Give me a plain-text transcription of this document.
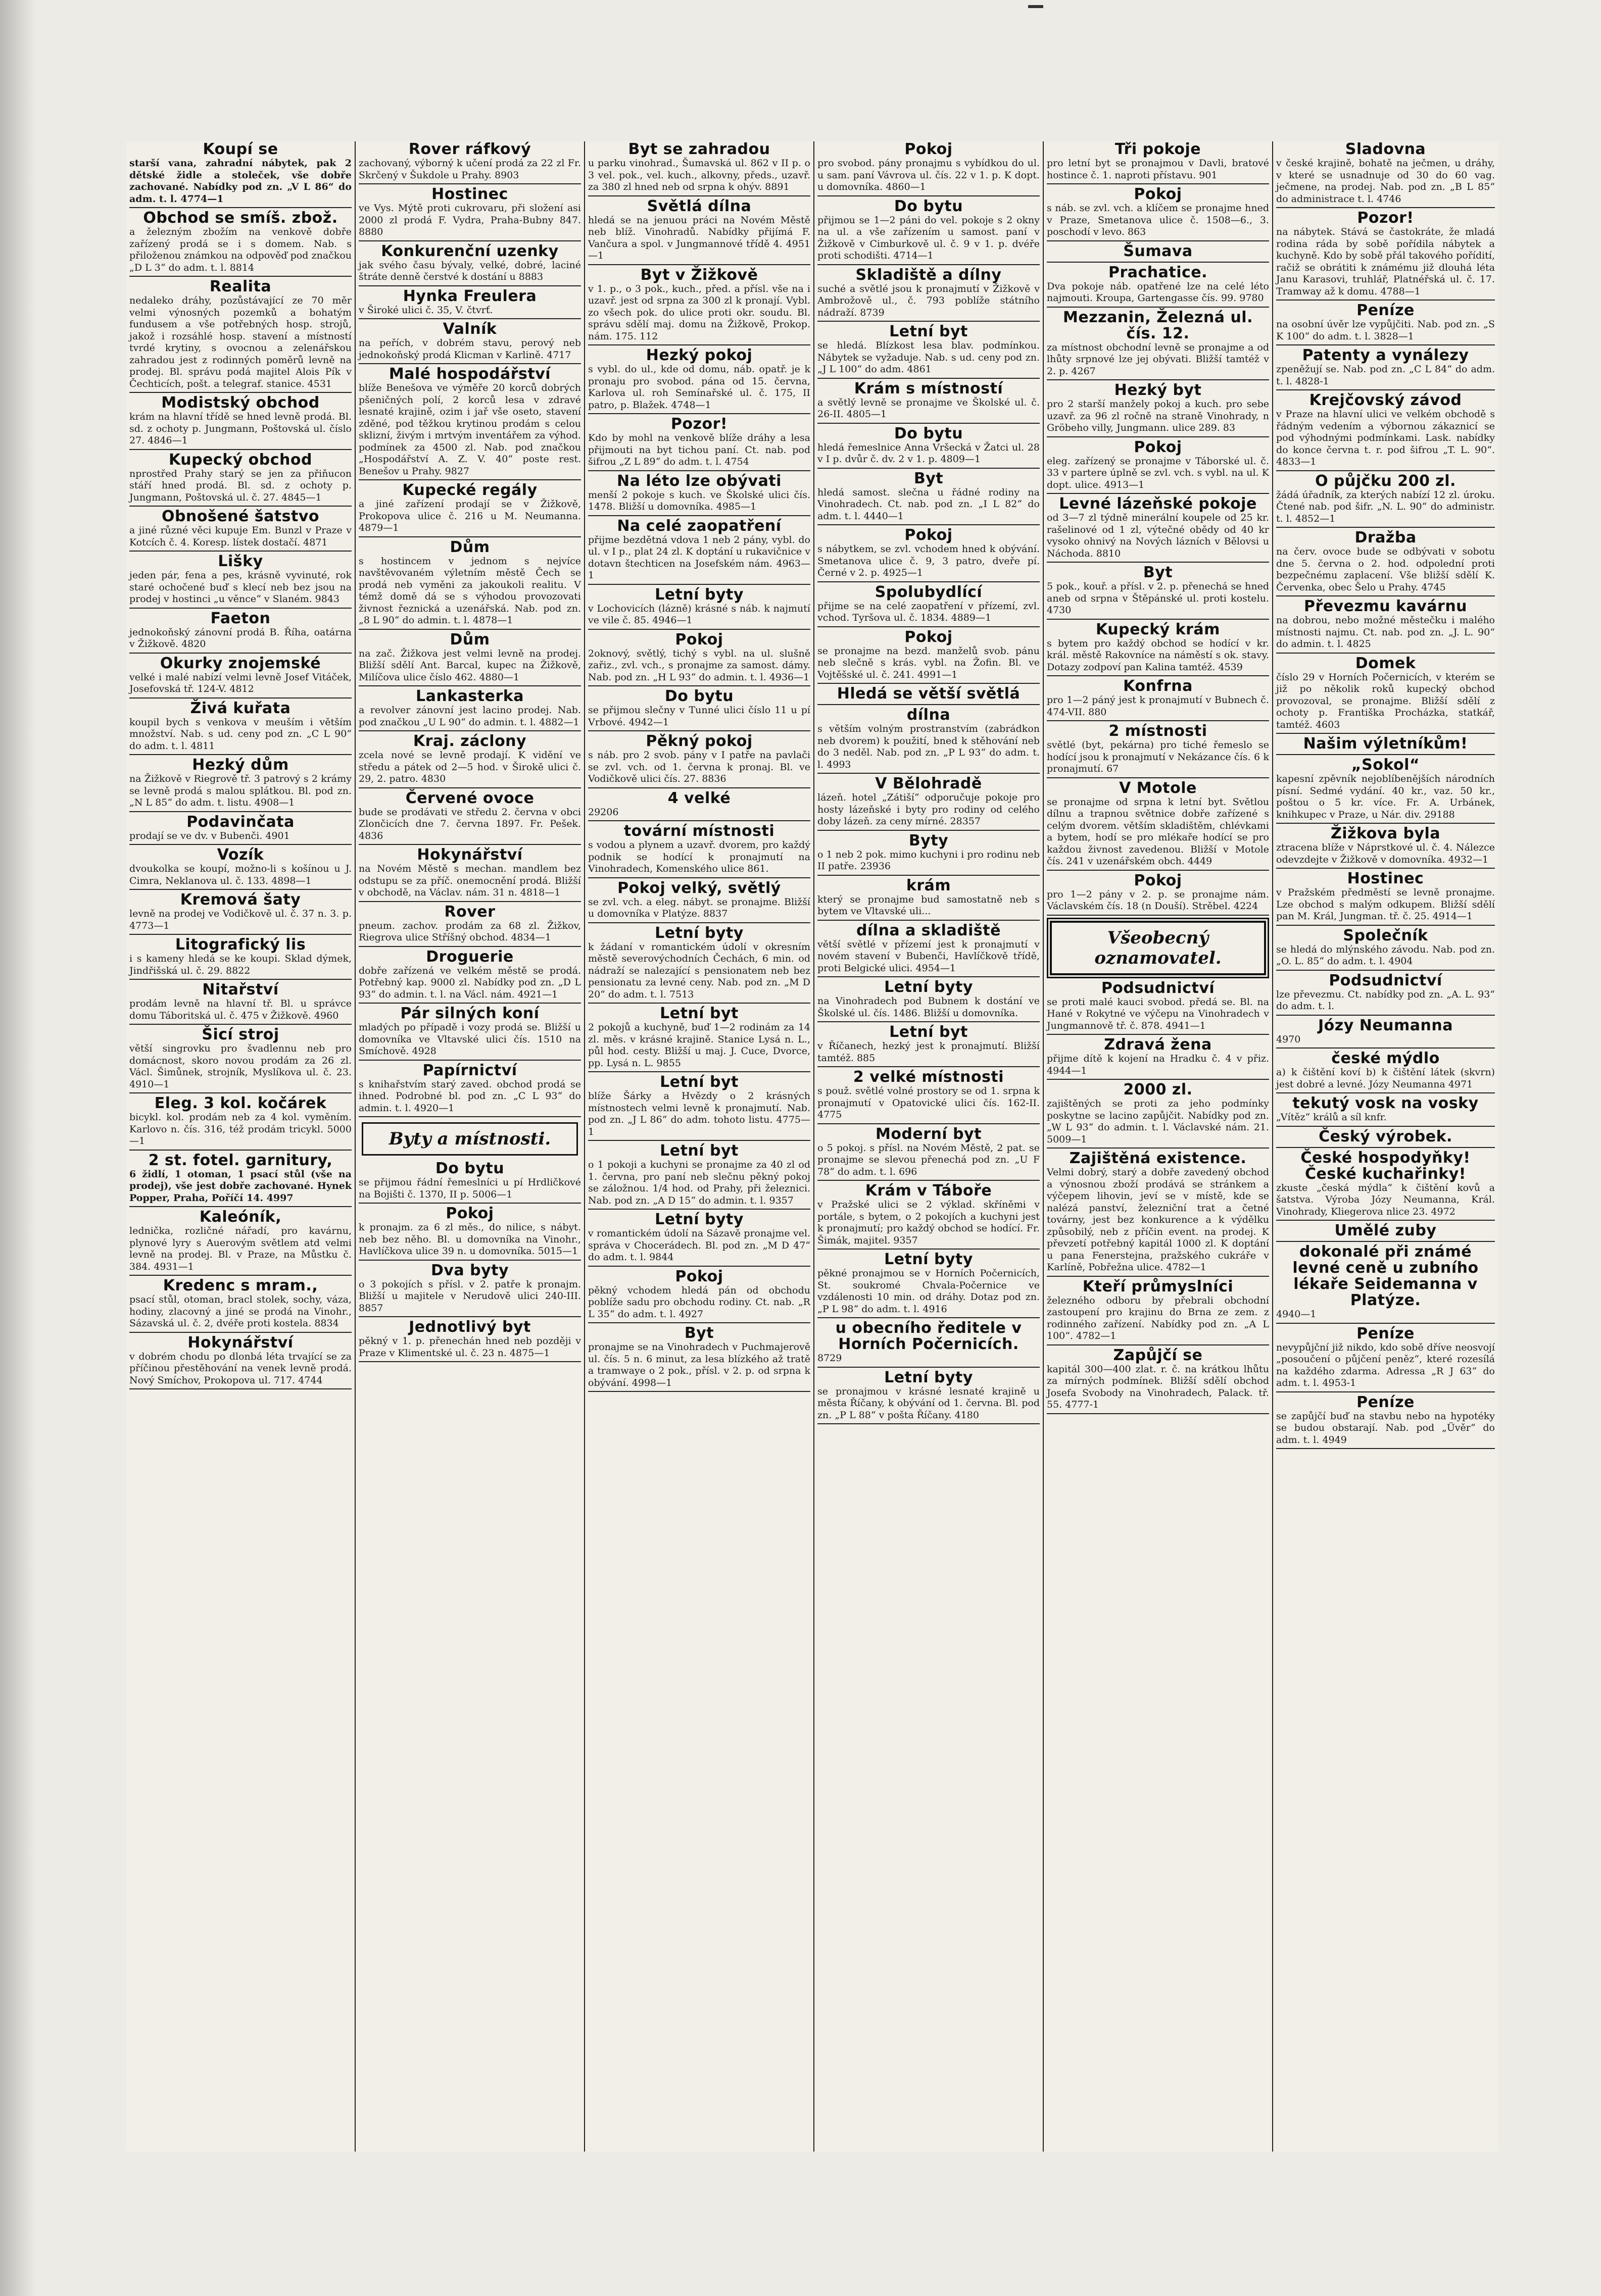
Koupí se
starší vana, zahradní nábytek, pak 2 dětské židle a stoleček, vše dobře zachované. Nabídky pod zn. „V L 86“ do adm. t. l. 4774—1
Obchod se smíš. zbož.
a železným zbožím na venkově dobře zařízený prodá se i s domem. Nab. s přiloženou známkou na odpověď pod značkou „D L 3“ do adm. t. l. 8814
Realita
nedaleko dráhy, pozůstávající ze 70 měr velmi výnosných pozemků a bohatým fundusem a vše potřebných hosp. strojů, jakož i rozsáhlé hosp. stavení a místností tvrdé krytiny, s ovocnou a zelenářskou zahradou jest z rodinných poměrů levně na prodej. Bl. správu podá majitel Alois Pík v Čechticích, pošt. a telegraf. stanice. 4531
Modistský obchod
krám na hlavní třídě se hned levně prodá. Bl. sd. z ochoty p. Jungmann, Poštovská ul. číslo 27. 4846—1
Kupecký obchod
nprostřed Prahy starý se jen za přiňucon stáří hned prodá. Bl. sd. z ochoty p. Jungmann, Poštovská ul. č. 27. 4845—1
Obnošené šatstvo
a jiné různé věci kupuje Em. Bunzl v Praze v Kotcích č. 4. Koresp. lístek dostačí. 4871
Lišky
jeden pár, fena a pes, krásně vyvinuté, rok staré ochočené buď s klecí neb bez jsou na prodej v hostinci „u věnce“ v Slaném. 9843
Faeton
jednokoňský zánovní prodá B. Říha, oatárna v Žižkově. 4820
Okurky znojemské
velké i malé nabízí velmi levně Josef Vitáček, Josefovská tř. 124-V. 4812
Živá kuřata
koupil bych s venkova v meuším i větším množství. Nab. s ud. ceny pod zn. „C L 90“ do adm. t. l. 4811
Hezký dům
na Žižkově v Riegrově tř. 3 patrový s 2 krámy se levně prodá s malou splátkou. Bl. pod zn. „N L 85“ do adm. t. listu. 4908—1
Podavinčata
prodají se ve dv. v Bubenči. 4901
Vozík
dvoukolka se koupí, možno-li s košínou u J. Cimra, Neklanova ul. č. 133. 4898—1
Kremová šaty
levně na prodej ve Vodičkově ul. č. 37 n. 3. p. 4773—1
Litografický lis
i s kameny hledá se ke koupi. Sklad dýmek, Jindřišská ul. č. 29. 8822
Nitařství
prodám levně na hlavní tř. Bl. u správce domu Táboritská ul. č. 475 v Žižkově. 4960
Šicí stroj
větší singrovku pro švadlennu neb pro domácnost, skoro novou prodám za 26 zl. Václ. Šimůnek, strojník, Myslíkova ul. č. 23. 4910—1
Eleg. 3 kol. kočárek
bicykl. kol. prodám neb za 4 kol. vyměním. Karlovo n. čís. 316, též prodám tricykl. 5000—1
2 st. fotel. garnitury,
6 židlí, 1 otoman, 1 psací stůl (vše na prodej), vše jest dobře zachované. Hynek Popper, Praha, Poříčí 14. 4997
Kaleóník,
lednička, rozličné nářadí, pro kavárnu, plynové lyry s Auerovým světlem atd velmi levně na prodej. Bl. v Praze, na Můstku č. 384. 4931—1
Kredenc s mram.,
psací stůl, otoman, bracl stolek, sochy, váza, hodiny, zlacovný a jiné se prodá na Vinohr., Sázavská ul. č. 2, dvéře proti kostela. 8834
Hokynářství
v dobrém chodu po dlonbá léta trvající se za příčinou přestěhování na venek levně prodá. Nový Smíchov, Prokopova ul. 717. 4744
Rover ráfkový
zachovaný, výborný k učení prodá za 22 zl Fr. Skrčený v Šukdole u Prahy. 8903
Hostinec
ve Vys. Mýtě proti cukrovaru, při složení asi 2000 zl prodá F. Vydra, Praha-Bubny 847. 8880
Konkurenční uzenky
jak svého času bývaly, velké, dobré, laciné štráte denně čerstvé k dostání u 8883
Hynka Freulera
v Široké ulici č. 35, V. čtvrť.
Valník
na peřích, v dobrém stavu, perový neb jednokoňský prodá Klicman v Karlině. 4717
Malé hospodářství
blíže Benešova ve výměře 20 korců dobrých pšeničných polí, 2 korců lesa v zdravé lesnaté krajině, ozim i jař vše oseto, stavení zděné, pod těžkou krytinou prodám s celou sklizní, živým i mrtvým inventářem za výhod. podmínek za 4500 zl. Nab. pod značkou „Hospodářství A. Z. V. 40“ poste rest. Benešov u Prahy. 9827
Kupecké regály
a jiné zařízení prodají se v Žižkově, Prokopova ulice č. 216 u M. Neumanna. 4879—1
Dům
s hostincem v jednom s nejvíce navštěvovaném výletním městě Čech se prodá neb vyměni za jakoukoli realitu. V témž domě dá se s výhodou provozovati živnost řeznická a uzenářská. Nab. pod zn. „8 L 90“ do admin. t. l. 4878—1
Dům
na zač. Žižkova jest velmi levně na prodej. Bližší sdělí Ant. Barcal, kupec na Žižkově, Milíčova ulice číslo 462. 4880—1
Lankasterka
a revolver zánovní jest lacino prodej. Nab. pod značkou „U L 90“ do admin. t. l. 4882—1
Kraj. záclony
zcela nové se levně prodají. K vidění ve středu a pátek od 2—5 hod. v Širokě ulici č. 29, 2. patro. 4830
Červené ovoce
bude se prodávati ve středu 2. června v obci Zlončicích dne 7. června 1897. Fr. Pešek. 4836
Hokynářství
na Novém Městě s mechan. mandlem bez odstupu se za příč. onemocnění prodá. Bližší v obchodě, na Václav. nám. 31 n. 4818—1
Rover
pneum. zachov. prodám za 68 zl. Žižkov, Riegrova ulice Stříšný obchod. 4834—1
Droguerie
dobře zařízená ve velkém městě se prodá. Potřebný kap. 9000 zl. Nabídky pod zn. „D L 93“ do admin. t. l. na Václ. nám. 4921—1
Pár silných koní
mladých po případě i vozy prodá se. Bližší u domovníka ve Vltavské ulici čís. 1510 na Smíchově. 4928
Papírnictví
s knihařstvím starý zaved. obchod prodá se ihned. Podrobné bl. pod zn. „C L 93“ do admin. t. l. 4920—1
Byty a místnosti.
Do bytu
se přijmou řádní řemeslníci u pí Hrdličkové na Bojišti č. 1370, II p. 5006—1
Pokoj
k pronajm. za 6 zl měs., do nilice, s nábyt. neb bez něho. Bl. u domovníka na Vinohr., Havlíčkova ulice 39 n. u domovníka. 5015—1
Dva byty
o 3 pokojích s přísl. v 2. patře k pronajm. Bližší u majitele v Nerudově ulici 240-III. 8857
Jednotlivý byt
pěkný v 1. p. přenechán hned neb později v Praze v Klimentské ul. č. 23 n. 4875—1
Byt se zahradou
u parku vinohrad., Šumavská ul. 862 v II p. o 3 vel. pok., vel. kuch., alkovny, předs., uzavř. za 380 zl hned neb od srpna k ohýv. 8891
Světlá dílna
hledá se na jenuou práci na Novém Městě neb blíž. Vinohradů. Nabídky přijímá F. Vančura a spol. v Jungmannové třídě 4. 4951—1
Byt v Žižkově
v 1. p., o 3 pok., kuch., před. a přísl. vše na i uzavř. jest od srpna za 300 zl k pronají. Vybl. zo všech pok. do ulice proti okr. soudu. Bl. správu sdělí maj. domu na Žižkově, Prokop. nám. 175. 112
Hezký pokoj
s vybl. do ul., kde od domu, náb. opatř. je k pronaju pro svobod. pána od 15. června, Karlova ul. roh Semínařské ul. č. 175, II patro, p. Blažek. 4748—1
Pozor!
Kdo by mohl na venkově blíže dráhy a lesa přijmouti na byt tichou paní. Ct. nab. pod šifrou „Z L 89“ do adm. t. l. 4754
Na léto lze obývati
menší 2 pokoje s kuch. ve Školské ulici čís. 1478. Bližší u domovníka. 4985—1
Na celé zaopatření
přijme bezdětná vdova 1 neb 2 pány, vybl. do ul. v I p., plat 24 zl. K doptání u rukavičnice v dotavn štechticen na Josefském nám. 4963—1
Letní byty
v Lochovicích (lázně) krásné s náb. k najmutí ve vile č. 85. 4946—1
Pokoj
2oknový, světlý, tichý s vybl. na ul. slušně zařiz., zvl. vch., s pronajme za samost. dámy. Nab. pod zn. „H L 93“ do admin. t. l. 4936—1
Do bytu
se přijmou slečny v Tunné ulici číslo 11 u pí Vrbové. 4942—1
Pěkný pokoj
s náb. pro 2 svob. pány v I patře na pavlači se zvl. vch. od 1. června k pronaj. Bl. ve Vodičkově ulici čís. 27. 8836
4 velké
29206
tovární místnosti
s vodou a plynem a uzavř. dvorem, pro každý podnik se hodící k pronajmutí na Vinohradech, Komenského ulice 861.
Pokoj velký, světlý
se zvl. vch. a eleg. nábyt. se pronajme. Bližší u domovníka v Platýze. 8837
Letní byty
k žádaní v romantickém údolí v okresním městě severovýchodních Čechách, 6 min. od nádraží se nalezající s pensionatem neb bez pensionatu za levné ceny. Nab. pod zn. „M D 20“ do adm. t. l. 7513
Letní byt
2 pokojů a kuchyně, buď 1—2 rodinám za 14 zl. měs. v krásné krajině. Stanice Lysá n. L., půl hod. cesty. Bližší u maj. J. Cuce, Dvorce, pp. Lysá n. L. 9855
Letní byt
blíže Šárky a Hvězdy o 2 krásných místnostech velmi levně k pronajmutí. Nab. pod zn. „J L 86“ do adm. tohoto listu. 4775—1
Letní byt
o 1 pokoji a kuchyni se pronajme za 40 zl od 1. června, pro paní neb slečnu pěkný pokoj se záložnou. 1/4 hod. od Prahy, při železnici. Nab. pod zn. „A D 15“ do admin. t. l. 9357
Letní byty
v romantickém údolí na Sázavě pronajme vel. správa v Chocerádech. Bl. pod zn. „M D 47“ do adm. t. l. 9844
Pokoj
pěkný vchodem hledá pán od obchodu poblíže sadu pro obchodu rodiny. Ct. nab. „R L 35“ do adm. t. l. 4927
Byt
pronajme se na Vinohradech v Puchmajerově ul. čís. 5 n. 6 minut, za lesa blízkého až tratě a tramwaye o 2 pok., přísl. v 2. p. od srpna k obývání. 4998—1
Pokoj
pro svobod. pány pronajmu s vybídkou do ul. u sam. paní Vávrova ul. čís. 22 v 1. p. K dopt. u domovníka. 4860—1
Do bytu
přijmou se 1—2 páni do vel. pokoje s 2 okny na ul. a vše zařízením u samost. paní v Žižkově v Cimburkově ul. č. 9 v 1. p. dvéře proti schodišti. 4714—1
Skladiště a dílny
suché a světlé jsou k pronajmutí v Žižkově v Ambrožově ul., č. 793 poblíže státního nádraží. 8739
Letní byt
se hledá. Blízkost lesa blav. podmínkou. Nábytek se vyžaduje. Nab. s ud. ceny pod zn. „J L 100“ do adm. 4861
Krám s místností
a světlý levně se pronajme ve Školské ul. č. 26-II. 4805—1
Do bytu
hledá řemeslnice Anna Vršecká v Žatci ul. 28 v I p. dvůr č. dv. 2 v 1. p. 4809—1
Byt
hledá samost. slečna u řádné rodiny na Vinohradech. Ct. nab. pod zn. „I L 82“ do adm. t. l. 4440—1
Pokoj
s nábytkem, se zvl. vchodem hned k obývání. Smetanova ulice č. 9, 3 patro, dveře pí. Černé v 2. p. 4925—1
Spolubydlící
přijme se na celé zaopatření v přízemí, zvl. vchod. Tyršova ul. č. 1834. 4889—1
Pokoj
se pronajme na bezd. manželů svob. pánu neb slečně s krás. vybl. na Žofin. Bl. ve Vojtěšské ul. č. 241. 4991—1
Hledá se větší světlá
dílna
s větším volným prostranstvím (zabrádkon neb dvorem) k použití, bned k stěhování neb do 3 neděl. Nab. pod zn. „P L 93“ do adm. t. l. 4993
V Bělohradě
lázeň. hotel „Zátiší“ odporučuje pokoje pro hosty lázeňské i byty pro rodiny od celého doby lázeň. za ceny mírné. 28357
Byty
o 1 neb 2 pok. mimo kuchyni i pro rodinu neb II patře. 23936
krám
který se pronajme bud samostatně neb s bytem ve Vltavské uli...
dílna a skladiště
větší světlé v přízemí jest k pronajmutí v novém stavení v Bubenči, Havlíčkově třídě, proti Belgické ulici. 4954—1
Letní byty
na Vinohradech pod Bubnem k dostání ve Školské ul. čís. 1486. Bližší u domovníka.
Letní byt
v Říčanech, hezký jest k pronajmutí. Bližší tamtéž. 885
2 velké místnosti
s použ. světlé volné prostory se od 1. srpna k pronajmutí v Opatovické ulici čís. 162-II. 4775
Moderní byt
o 5 pokoj. s přísl. na Novém Městě, 2 pat. se pronajme se slevou přenechá pod zn. „U F 78“ do adm. t. l. 696
Krám v Táboře
v Pražské ulici se 2 výklad. skříněmi v portále, s bytem, o 2 pokojích a kuchyni jest k pronajmutí; pro každý obchod se hodící. Fr. Šimák, majitel. 9357
Letní byty
pěkné pronajmou se v Horních Počernicích, St. soukromé Chvala-Počernice ve vzdálenosti 10 min. od dráhy. Dotaz pod zn. „P L 98“ do adm. t. l. 4916
u obecního ředitele v Horních Počernicích.
8729
Letní byty
se pronajmou v krásné lesnaté krajině u města Říčany, k obývání od 1. června. Bl. pod zn. „P L 88“ v pošta Říčany. 4180
Tři pokoje
pro letní byt se pronajmou v Davli, bratové hostince č. 1. naproti přístavu. 901
Pokoj
s náb. se zvl. vch. a klíčem se pronajme hned v Praze, Smetanova ulice č. 1508—6., 3. poschodí v levo. 863
Šumava
Prachatice.
Dva pokoje náb. opatřené lze na celé léto najmouti. Kroupa, Gartengasse čís. 99. 9780
Mezzanin, Železná ul. čís. 12.
za místnost obchodní levně se pronajme a od lhůty srpnové lze jej obývati. Bližší tamtéž v 2. p. 4267
Hezký byt
pro 2 starší manžely pokoj a kuch. pro sebe uzavř. za 96 zl ročně na straně Vinohrady, n Gröbeho villy, Jungmann. ulice 289. 83
Pokoj
eleg. zařízený se pronajme v Táborské ul. č. 33 v partere úplně se zvl. vch. s vybl. na ul. K dopt. ulice. 4913—1
Levné lázeňské pokoje
od 3—7 zl týdně minerální koupele od 25 kr. rašelinové od 1 zl, výtečné obědy od 40 kr vysoko ohnivý na Nových lázních v Bělovsi u Náchoda. 8810
Byt
5 pok., kouř. a přísl. v 2. p. přenechá se hned aneb od srpna v Štěpánské ul. proti kostelu. 4730
Kupecký krám
s bytem pro každý obchod se hodící v kr. král. městě Rakovníce na náměstí s ok. stavy. Dotazy zodpoví pan Kalina tamtéž. 4539
Konfrna
pro 1—2 páný jest k pronajmutí v Bubnech č. 474-VII. 880
2 místnosti
světlé (byt, pekárna) pro tiché řemeslo se hodící jsou k pronajmutí v Nekázance čís. 6 k pronajmutí. 67
V Motole
se pronajme od srpna k letní byt. Světlou dílnu a trapnou světnice dobře zařízené s celým dvorem. větším skladištěm, chlévkami a bytem, hodí se pro mlékaře hodící se pro každou živnost zavedenou. Bližší v Motole čís. 241 v uzenářském obch. 4449
Pokoj
pro 1—2 pány v 2. p. se pronajme nám. Václavském čís. 18 (n Douší). Strěbel. 4224
Všeobecný oznamovatel.
Podsudnictví
se proti malé kauci svobod. předá se. Bl. na Hané v Rokytné ve výčepu na Vinohradech v Jungmannově tř. č. 878. 4941—1
Zdravá žena
přijme dítě k kojení na Hradku č. 4 v přiz. 4944—1
2000 zl.
zajištěných se proti za jeho podmínky poskytne se lacino zapůjčit. Nabídky pod zn. „W L 93“ do admin. t. l. Václavské nám. 21. 5009—1
Zajištěná existence.
Velmi dobrý, starý a dobře zavedený obchod a výnosnou zboží prodává se stránkem a výčepem lihovin, jeví se v místě, kde se nalézá panství, železniční trat a četné továrny, jest bez konkurence a k výdělku způsobilý, neb z příčin event. na prodej. K převzetí potřebný kapitál 1000 zl. K doptání u pana Fenerstejna, pražského cukráře v Karlíně, Pobřežna ulice. 4782—1
Kteří průmyslníci
železného odboru by přebrali obchodní zastoupení pro krajinu do Brna ze zem. z rodinného zařízení. Nabídky pod zn. „A L 100“. 4782—1
Zapůjčí se
kapitál 300—400 zlat. r. č. na krátkou lhůtu za mírných podmínek. Bližší sdělí obchod Josefa Svobody na Vinohradech, Palack. tř. 55. 4777-1
Sladovna
v české krajině, bohatě na ječmen, u dráhy, v které se usnadnuje od 30 do 60 vag. ječmene, na prodej. Nab. pod zn. „B L 85“ do administrace t. l. 4746
Pozor!
na nábytek. Stává se častokráte, že mladá rodina ráda by sobě pořídila nábytek a kuchyně. Kdo by sobě přál takového pořídití, račiž se obrátiti k známému již dlouhá léta Janu Karasovi, truhlář, Platnéřská ul. č. 17. Tramway až k domu. 4788—1
Peníze
na osobní úvěr lze vypůjčiti. Nab. pod zn. „S K 100“ do adm. t. l. 3828—1
Patenty a vynálezy
zpeněžují se. Nab. pod zn. „C L 84“ do adm. t. l. 4828-1
Krejčovský závod
v Praze na hlavní ulici ve velkém obchodě s řádným vedením a výbornou zákaznicí se pod výhodnými podmínkami. Lask. nabídky do konce června t. r. pod šifrou „T. L. 90“. 4833—1
O půjčku 200 zl.
žádá úřadník, za kterých nabízí 12 zl. úroku. Čtené nab. pod šifr. „N. L. 90“ do administr. t. l. 4852—1
Dražba
na červ. ovoce bude se odbývati v sobotu dne 5. června o 2. hod. odpolední proti bezpečnému zaplacení. Vše bližší sdělí K. Červenka, obec Šelo u Prahy. 4745
Převezmu kavárnu
na dobrou, nebo možné městečku i malého místnosti najmu. Ct. nab. pod zn. „J. L. 90“ do admin. t. l. 4825
Domek
číslo 29 v Horních Počernicích, v kterém se již po několik roků kupecký obchod provozoval, se pronajme. Bližší sdělí z ochoty p. Františka Procházka, statkář, tamtéž. 4603
Našim výletníkům!
„Sokol“
kapesní zpěvník nejoblíbenějších národních písní. Sedmé vydání. 40 kr., vaz. 50 kr., poštou o 5 kr. více. Fr. A. Urbánek, knihkupec v Praze, u Nár. div. 29188
Žižkova byla
ztracena blíže v Náprstkové ul. č. 4. Nálezce odevzdejte v Žižkově v domovníka. 4932—1
Hostinec
v Pražském předměstí se levně pronajme. Lze obchod s malým odkupem. Bližší sdělí pan M. Král, Jungman. tř. č. 25. 4914—1
Společník
se hledá do mlýnského závodu. Nab. pod zn. „O. L. 85“ do adm. t. l. 4904
Podsudnictví
lze převezmu. Ct. nabídky pod zn. „A. L. 93“ do adm. t. l.
Józy Neumanna
4970
české mýdlo
a) k čištění koví b) k čištění látek (skvrn) jest dobré a levné. Józy Neumanna 4971
tekutý vosk na vosky
„Vítěz“ králů a síl knfr.
Český výrobek.
České hospodyňky! České kuchařinky!
zkuste „česká mýdla“ k čištění kovů a šatstva. Výroba Józy Neumanna, Král. Vinohrady, Kliegerova nlice 23. 4972
Umělé zuby
dokonalé při známé levné ceně u zubního lékaře Seidemanna v Platýze.
4940—1
Peníze
nevypůjční již nikdo, kdo sobě dříve neosvojí „posoučení o půjčení peněz“, které rozesílá na každého zdarma. Adressa „R J 63“ do adm. t. l. 4953-1
Peníze
se zapůjčí buď na stavbu nebo na hypotéky se budou obstarají. Nab. pod „Üvěr“ do adm. t. l. 4949
